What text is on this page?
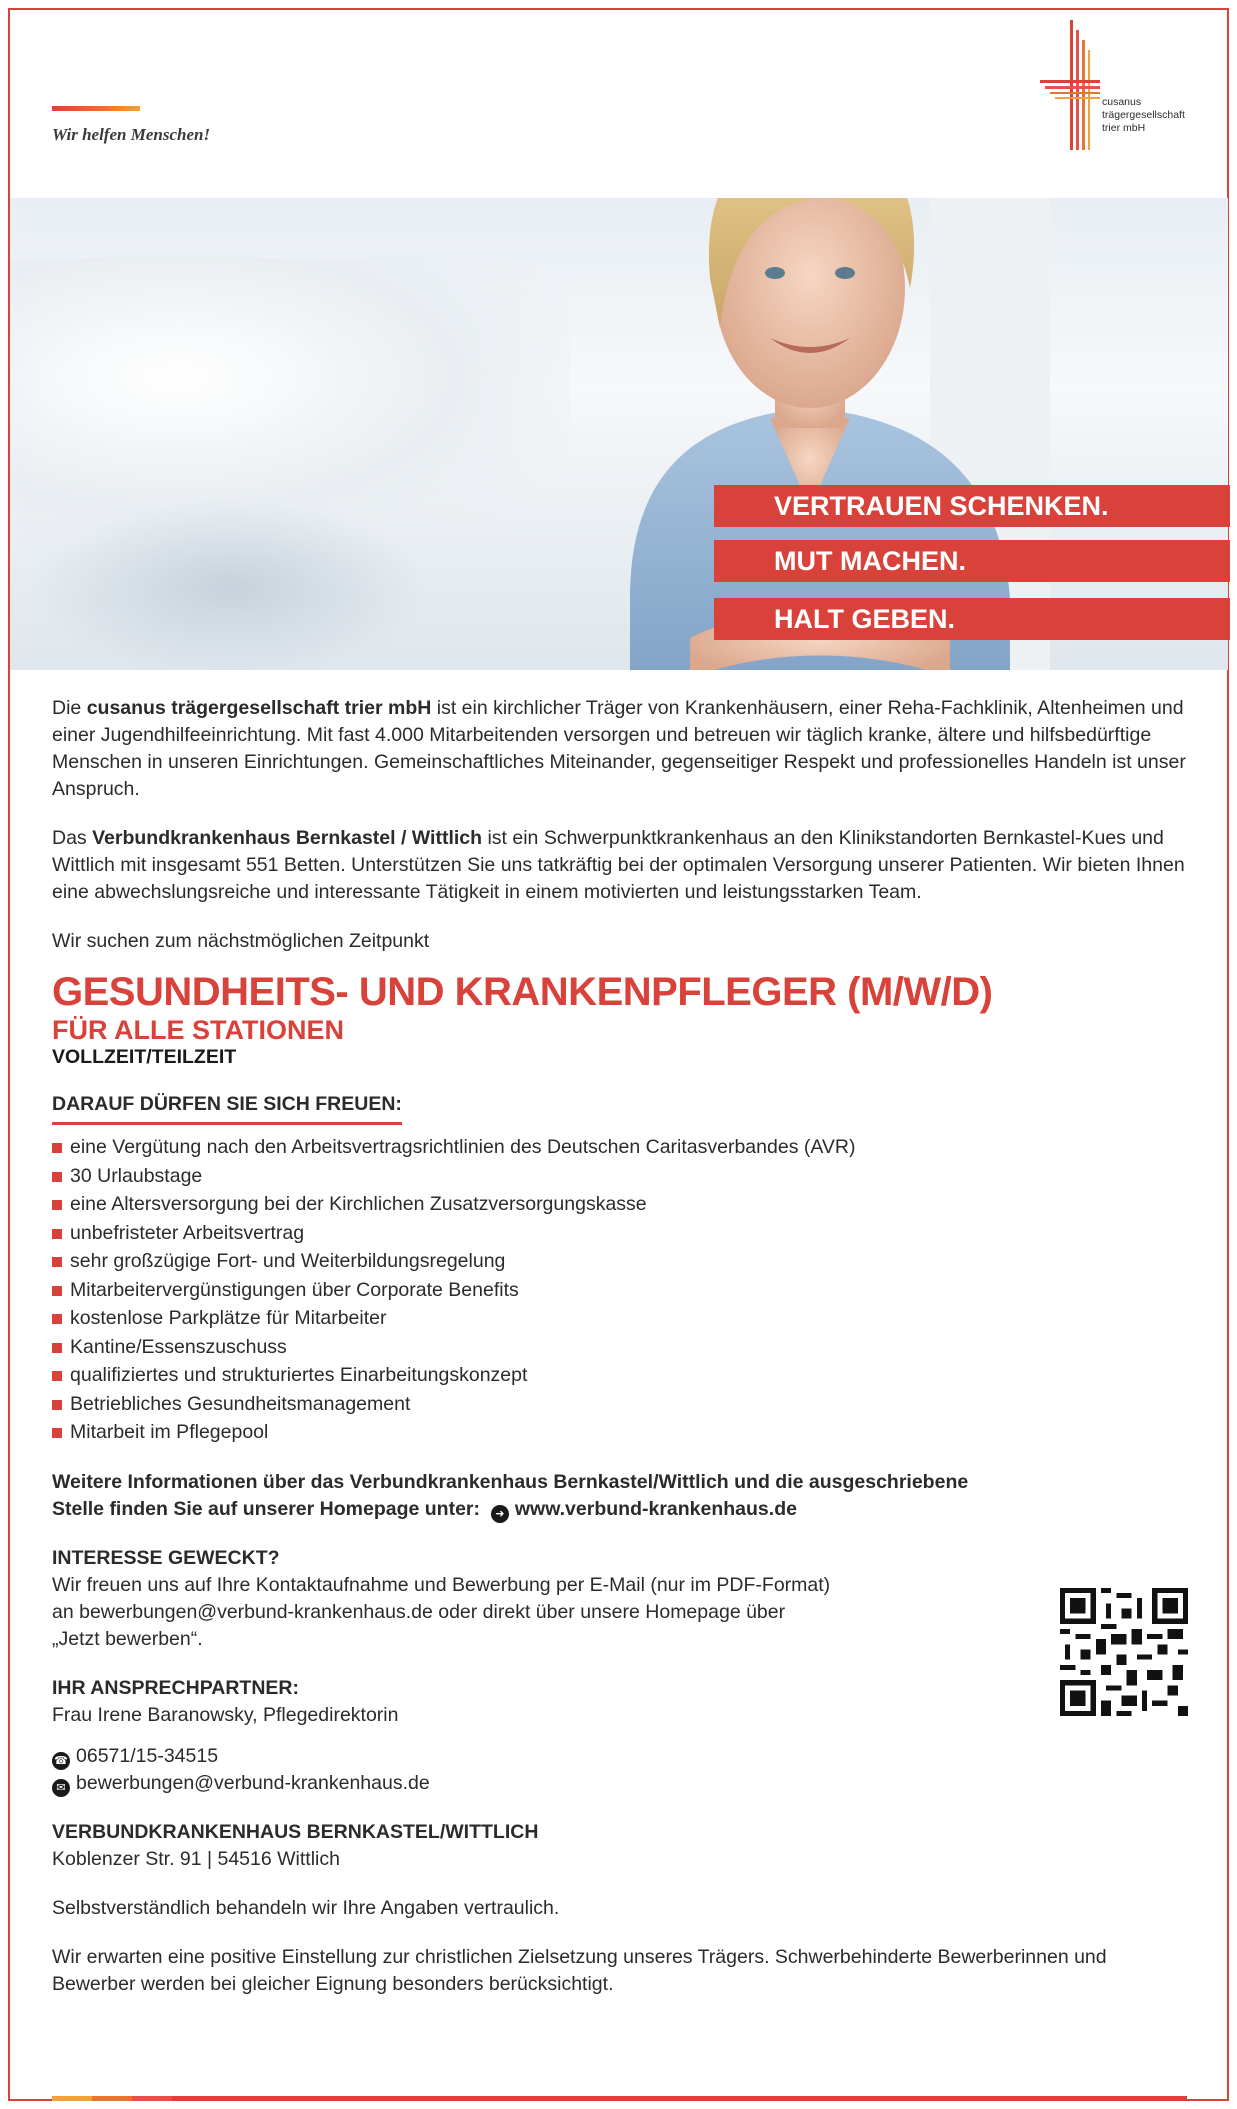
Wir helfen Menschen!
cusanus
trägergesellschaft
trier mbH
VERTRAUEN SCHENKEN.
MUT MACHEN.
HALT GEBEN.

Die cusanus trägergesellschaft trier mbH ist ein kirchlicher Träger von Krankenhäusern, einer Reha-Fachklinik, Altenheimen und einer Jugendhilfeeinrichtung. Mit fast 4.000 Mitarbeitenden versorgen und betreuen wir täglich kranke, ältere und hilfsbedürftige Menschen in unseren Einrichtungen. Gemeinschaftliches Miteinander, gegenseitiger Respekt und professionelles Handeln ist unser Anspruch.

Das Verbundkrankenhaus Bernkastel / Wittlich ist ein Schwerpunktkrankenhaus an den Klinikstandorten Bernkastel-Kues und Wittlich mit insgesamt 551 Betten. Unterstützen Sie uns tatkräftig bei der optimalen Versorgung unserer Patienten. Wir bieten Ihnen eine abwechslungsreiche und interessante Tätigkeit in einem motivierten und leistungsstarken Team.

Wir suchen zum nächstmöglichen Zeitpunkt

GESUNDHEITS- UND KRANKENPFLEGER (M/W/D)
FÜR ALLE STATIONEN
VOLLZEIT/TEILZEIT
DARAUF DÜRFEN SIE SICH FREUEN:
eine Vergütung nach den Arbeitsvertragsrichtlinien des Deutschen Caritasverbandes (AVR)
30 Urlaubstage
eine Altersversorgung bei der Kirchlichen Zusatzversorgungskasse
unbefristeter Arbeitsvertrag
sehr großzügige Fort- und Weiterbildungsregelung
Mitarbeitervergünstigungen über Corporate Benefits
kostenlose Parkplätze für Mitarbeiter
Kantine/Essenszuschuss
qualifiziertes und strukturiertes Einarbeitungskonzept
Betriebliches Gesundheitsmanagement
Mitarbeit im Pflegepool

Weitere Informationen über das Verbundkrankenhaus Bernkastel/Wittlich und die ausgeschriebene

Stelle finden Sie auf unserer Homepage unter: ➜ www.verbund-krankenhaus.de

INTERESSE GEWECKT?

Wir freuen uns auf Ihre Kontaktaufnahme und Bewerbung per E-Mail (nur im PDF-Format)

an bewerbungen@verbund-krankenhaus.de oder direkt über unsere Homepage über

„Jetzt bewerben“.

IHR ANSPRECHPARTNER:

Frau Irene Baranowsky, Pflegedirektorin

☎ 06571/15-34515

✉ bewerbungen@verbund-krankenhaus.de

VERBUNDKRANKENHAUS BERNKASTEL/WITTLICH

Koblenzer Str. 91 | 54516 Wittlich

Selbstverständlich behandeln wir Ihre Angaben vertraulich.

Wir erwarten eine positive Einstellung zur christlichen Zielsetzung unseres Trägers. Schwerbehinderte Bewerberinnen und Bewerber werden bei gleicher Eignung besonders berücksichtigt.
